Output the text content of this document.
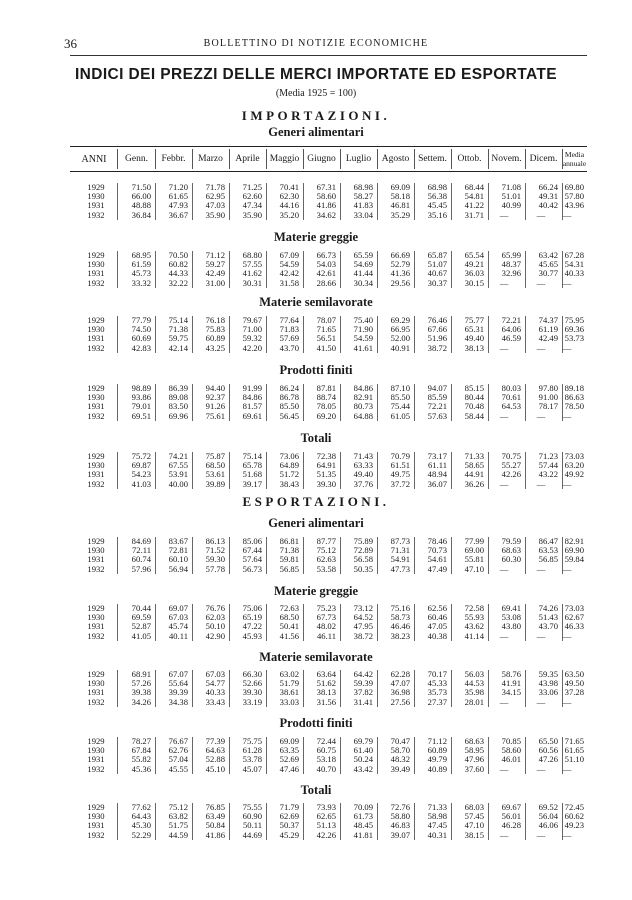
36	BOLLETTINO DI NOTIZIE ECONOMICHE
INDICI DEI PREZZI DELLE MERCI IMPORTATE ED ESPORTATE
(Media 1925 = 100)
IMPORTAZIONI.
Generi alimentari
ANNI	Genn.	Febbr.	Marzo	Aprile	Maggio Giugno	Luglio	Agosto Settem.	Ottob.	Novem. Dicem.	Media annuale
Materie greggie
Materie semilavorate
Prodotti finiti
Totali
ESPORTAZIONI.
Generi alimentari
Materie greggie
Materie semilavorate
Prodotti finiti
Totali
1929	71.50	71.20	71.78	71.25	70.41	67.31	68.98	69.09	68.98	68.44	71.08	66.24 69.80
1930	66.00	61.65	62.95	62.60	62.30	58.60	58.27	58.18	56.38	54.81	51.01	49.31 57.80
1931	48.88	47.93	47.03	47.34	44.16	41.86	41.83	46.81	45.45	41.22	40.99	40.42 43.96
1932	36.84	36.67	35.90	35.90	35.20	34.62	33.04	35.29	35.16	31.71	—	—	—
1929	68.95	70.50	71.12	68.80	67.09	66.73	65.59	66.69	65.87	65.54	65.99	63.42 67.28
1930	61.59	60.82	59.27	57.55	54.59	54.03	54.69	52.79	51.07	49.21	48.37	45.65 54.31
1931	45.73	44.33	42.49	41.62	42.42	42.61	41.44	41.36	40.67	36.03	32.96	30.77 40.33
1932	33.32	32.22	31.00	30.31	31.58	28.66	30.34	29.56	30.37	30.15	—	—	—
1929	77.79	75.14	76.18	79.67	77.64	78.07	75.40	69.29	76.46	75.77	72.21	74.37 75.95
1930	74.50	71.38	75.83	71.00	71.83	71.65	71.90	66.95	67.66	65.31	64.06	61.19 69.36
1931	60.69	59.75	60.89	59.32	57.69	56.51	54.59	52.00	51.96	49.40	46.59	42.49 53.73
1932	42.83	42.14	43.25	42.20	43.70	41.50	41.61	40.91	38.72	38.13	—	—	—
1929	98.89	86.39	94.40	91.99	86.24	87.81	84.86	87.10	94.07	85.15	80.03	97.80 89.18
1930	93.86	89.08	92.37	84.86	86.78	88.74	82.91	85.50	85.59	80.44	70.61	91.00 86.63
1931	79.01	83.50	91.26	81.57	85.50	78.05	80.73	75.44	72.21	70.48	64.53	78.17 78.50
1932	69.51	69.96	75.61	69.61	56.45	69.20	64.88	61.05	57.63	58.44	—	—	—
1929	75.72	74.21	75.87	75.14	73.06	72.38	71.43	70.79	73.17	71.33	70.75	71.23 73.03
1930	69.87	67.55	68.50	65.78	64.89	64.91	63.33	61.51	61.11	58.65	55.27	57.44 63.20
1931	54.23	53.91	53.61	51.68	51.72	51.35	49.40	49.75	48.94	44.91	42.26	43.22 49.92
1932	41.03	40.00	39.89	39.17	38.43	39.30	37.76	37.72	36.07	36.26	—	—	—
1929	84.69	83.67	86.13	85.06	86.81	87.77	75.89	87.73	78.46	77.99	79.59	86.47 82.91
1930	72.11	72.81	71.52	67.44	71.38	75.12	72.89	71.31	70.73	69.00	68.63	63.53 69.90
1931	60.74	60.10	59.30	57.64	59.81	62.63	56.58	54.91	54.61	55.81	60.30	56.85 59.84
1932	57.96	56.94	57.78	56.73	56.85	53.58	50.35	47.73	47.49	47.10	—	—	—
1929	70.44	69.07	76.76	75.06	72.63	75.23	73.12	75.16	62.56	72.58	69.41	74.26 73.03
1930	69.59	67.03	62.03	65.19	68.50	67.73	64.52	58.73	60.46	55.93	53.08	51.43 62.67
1931	52.87	45.74	50.10	47.22	50.41	48.02	47.95	46.46	47.05	43.62	43.80	43.70 46.33
1932	41.05	40.11	42.90	45.93	41.56	46.11	38.72	38.23	40.38	41.14	—	—	—
1929	68.91	67.07	67.03	66.30	63.02	63.64	64.42	62.28	70.17	56.03	58.76	59.35 63.50
1930	57.26	55.64	54.77	52.66	51.79	51.62	59.39	47.07	45.33	44.53	41.91	43.98 49.50
1931	39.38	39.39	40.33	39.30	38.61	38.13	37.82	36.98	35.73	35.98	34.15	33.06 37.28
1932	34.26	34.38	33.43	33.19	33.03	31.56	31.41	27.56	27.37	28.01	—	—	—
1929	78.27	76.67	77.39	75.75	69.09	72.44	69.79	70.47	71.12	68.63	70.85	65.50 71.65
1930	67.84	62.76	64.63	61.28	63.35	60.75	61.40	58.70	60.89	58.95	58.60	60.56 61.65
1931	55.82	57.04	52.88	53.78	52.69	53.18	50.24	48.32	49.79	47.96	46.01	47.26 51.10
1932	45.36	45.55	45.10	45.07	47.46	40.70	43.42	39.49	40.89	37.60	—	—	—
1929	77.62	75.12	76.85	75.55	71.79	73.93	70.09	72.76	71.33	68.03	69.67	69.52 72.45
1930	64.43	63.82	63.49	60.90	62.69	62.65	61.73	58.80	58.98	57.45	56.01	56.04 60.62
1931	45.30	51.75	50.84	50.11	50.37	51.13	48.45	46.83	47.45	47.10	46.28	46.06 49.23
1932	52.29	44.59	41.86	44.69	45.29	42.26	41.81	39.07	40.31	38.15	—	—	—
